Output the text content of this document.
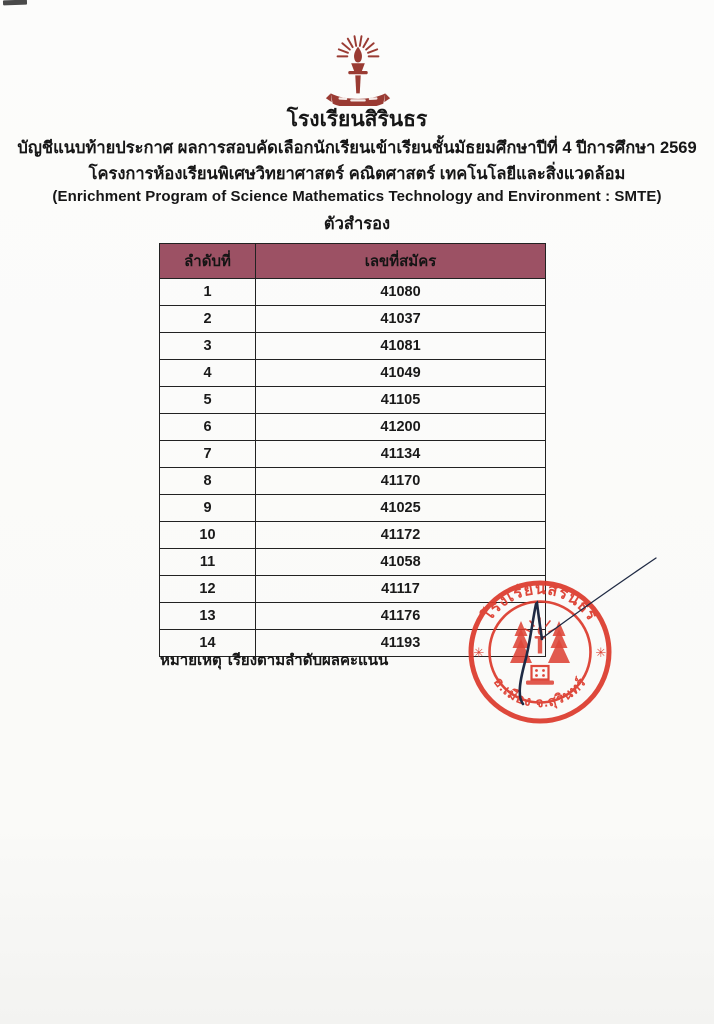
โรงเรียนสิรินธร

บัญชีแนบท้ายประกาศ ผลการสอบคัดเลือกนักเรียนเข้าเรียนชั้นมัธยมศึกษาปีที่ 4 ปีการศึกษา 2569

โครงการห้องเรียนพิเศษวิทยาศาสตร์ คณิตศาสตร์ เทคโนโลยีและสิ่งแวดล้อม

(Enrichment Program of Science Mathematics Technology and Environment : SMTE)

ตัวสำรอง

ลำดับที่	เลขที่สมัคร
1	41080
2	41037
3	41081
4	41049
5	41105
6	41200
7	41134
8	41170
9	41025
10	41172
11	41058
12	41117
13	41176
14	41193

หมายเหตุ เรียงตามลำดับผลคะแนน

โรงเรียนสิรินธร
อ.เมือง จ.สุรินทร์
✳	✳
